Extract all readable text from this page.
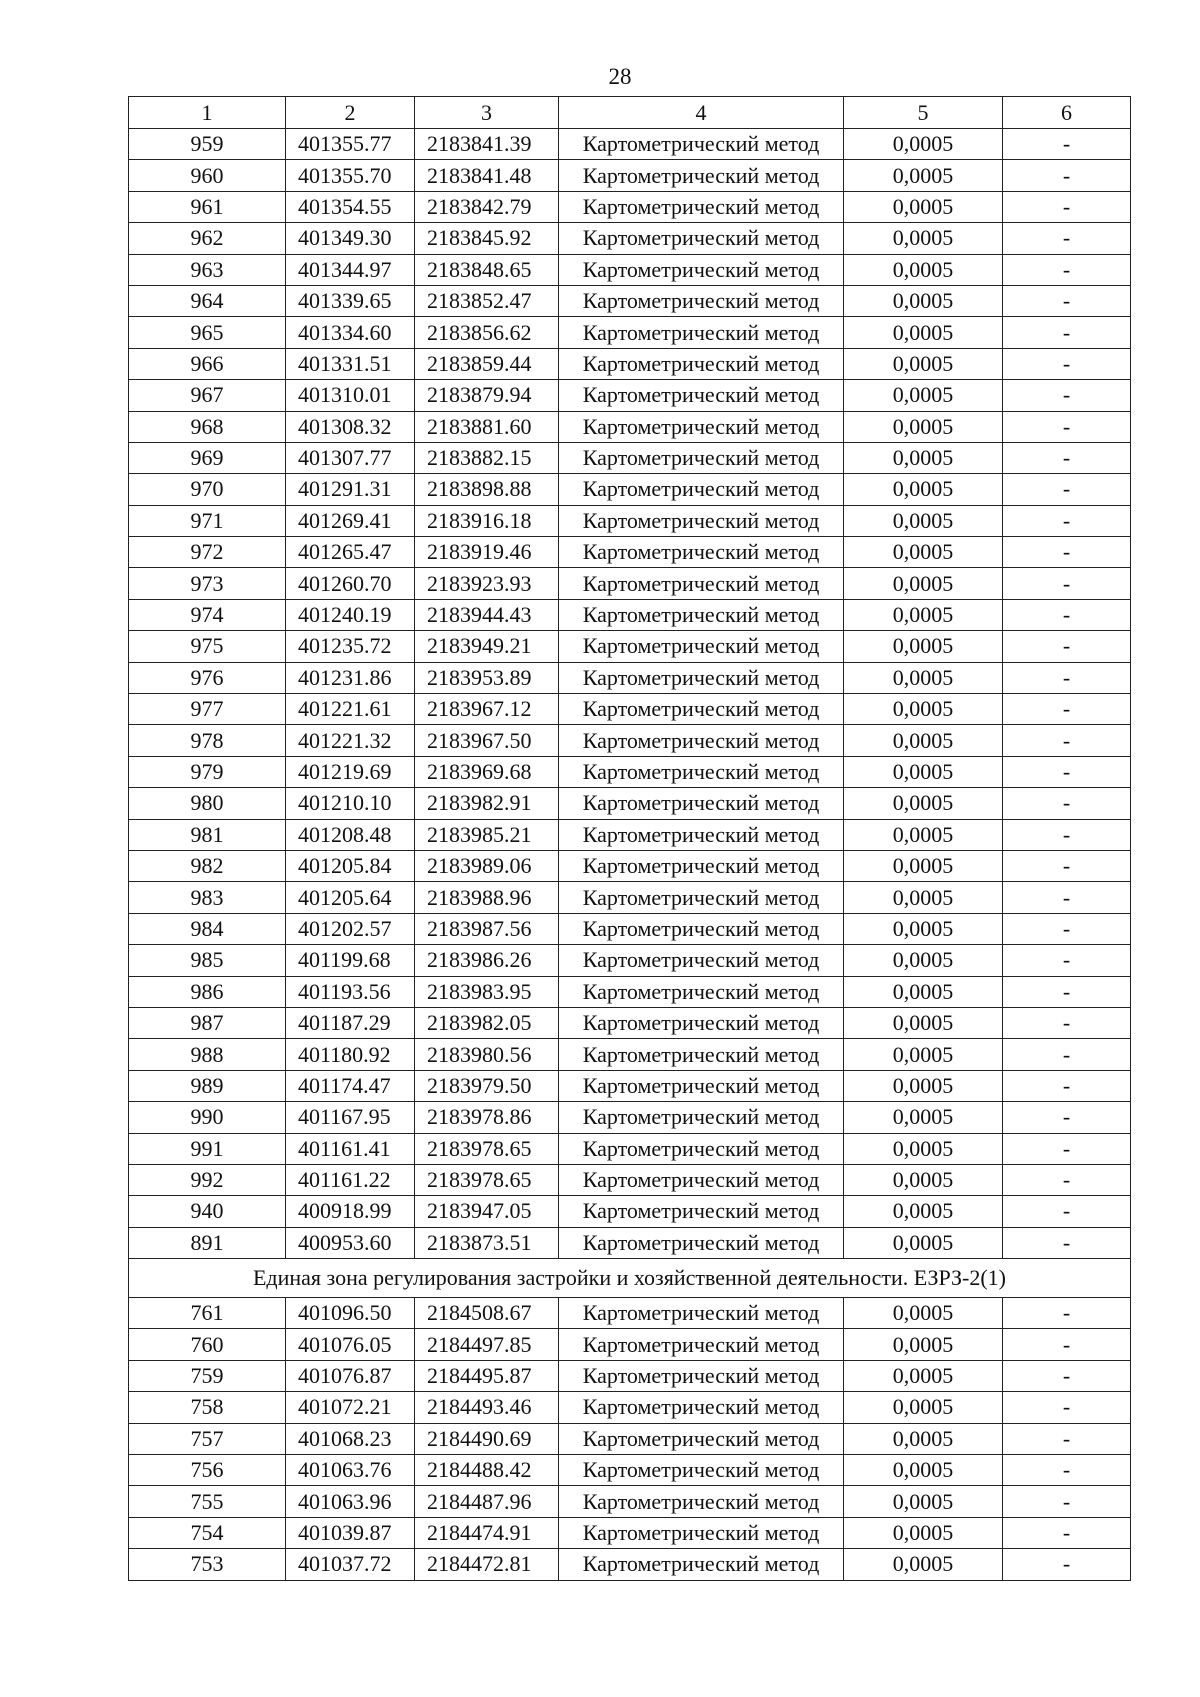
28
1	2	3	4	5	6
959	401355.77	2183841.39	Картометрический метод	0,0005	-
960	401355.70	2183841.48	Картометрический метод	0,0005	-
961	401354.55	2183842.79	Картометрический метод	0,0005	-
962	401349.30	2183845.92	Картометрический метод	0,0005	-
963	401344.97	2183848.65	Картометрический метод	0,0005	-
964	401339.65	2183852.47	Картометрический метод	0,0005	-
965	401334.60	2183856.62	Картометрический метод	0,0005	-
966	401331.51	2183859.44	Картометрический метод	0,0005	-
967	401310.01	2183879.94	Картометрический метод	0,0005	-
968	401308.32	2183881.60	Картометрический метод	0,0005	-
969	401307.77	2183882.15	Картометрический метод	0,0005	-
970	401291.31	2183898.88	Картометрический метод	0,0005	-
971	401269.41	2183916.18	Картометрический метод	0,0005	-
972	401265.47	2183919.46	Картометрический метод	0,0005	-
973	401260.70	2183923.93	Картометрический метод	0,0005	-
974	401240.19	2183944.43	Картометрический метод	0,0005	-
975	401235.72	2183949.21	Картометрический метод	0,0005	-
976	401231.86	2183953.89	Картометрический метод	0,0005	-
977	401221.61	2183967.12	Картометрический метод	0,0005	-
978	401221.32	2183967.50	Картометрический метод	0,0005	-
979	401219.69	2183969.68	Картометрический метод	0,0005	-
980	401210.10	2183982.91	Картометрический метод	0,0005	-
981	401208.48	2183985.21	Картометрический метод	0,0005	-
982	401205.84	2183989.06	Картометрический метод	0,0005	-
983	401205.64	2183988.96	Картометрический метод	0,0005	-
984	401202.57	2183987.56	Картометрический метод	0,0005	-
985	401199.68	2183986.26	Картометрический метод	0,0005	-
986	401193.56	2183983.95	Картометрический метод	0,0005	-
987	401187.29	2183982.05	Картометрический метод	0,0005	-
988	401180.92	2183980.56	Картометрический метод	0,0005	-
989	401174.47	2183979.50	Картометрический метод	0,0005	-
990	401167.95	2183978.86	Картометрический метод	0,0005	-
991	401161.41	2183978.65	Картометрический метод	0,0005	-
992	401161.22	2183978.65	Картометрический метод	0,0005	-
940	400918.99	2183947.05	Картометрический метод	0,0005	-
891	400953.60	2183873.51	Картометрический метод	0,0005	-
Единая зона регулирования застройки и хозяйственной деятельности. ЕЗРЗ-2(1)					
761	401096.50	2184508.67	Картометрический метод	0,0005	-
760	401076.05	2184497.85	Картометрический метод	0,0005	-
759	401076.87	2184495.87	Картометрический метод	0,0005	-
758	401072.21	2184493.46	Картометрический метод	0,0005	-
757	401068.23	2184490.69	Картометрический метод	0,0005	-
756	401063.76	2184488.42	Картометрический метод	0,0005	-
755	401063.96	2184487.96	Картометрический метод	0,0005	-
754	401039.87	2184474.91	Картометрический метод	0,0005	-
753	401037.72	2184472.81	Картометрический метод	0,0005	-
